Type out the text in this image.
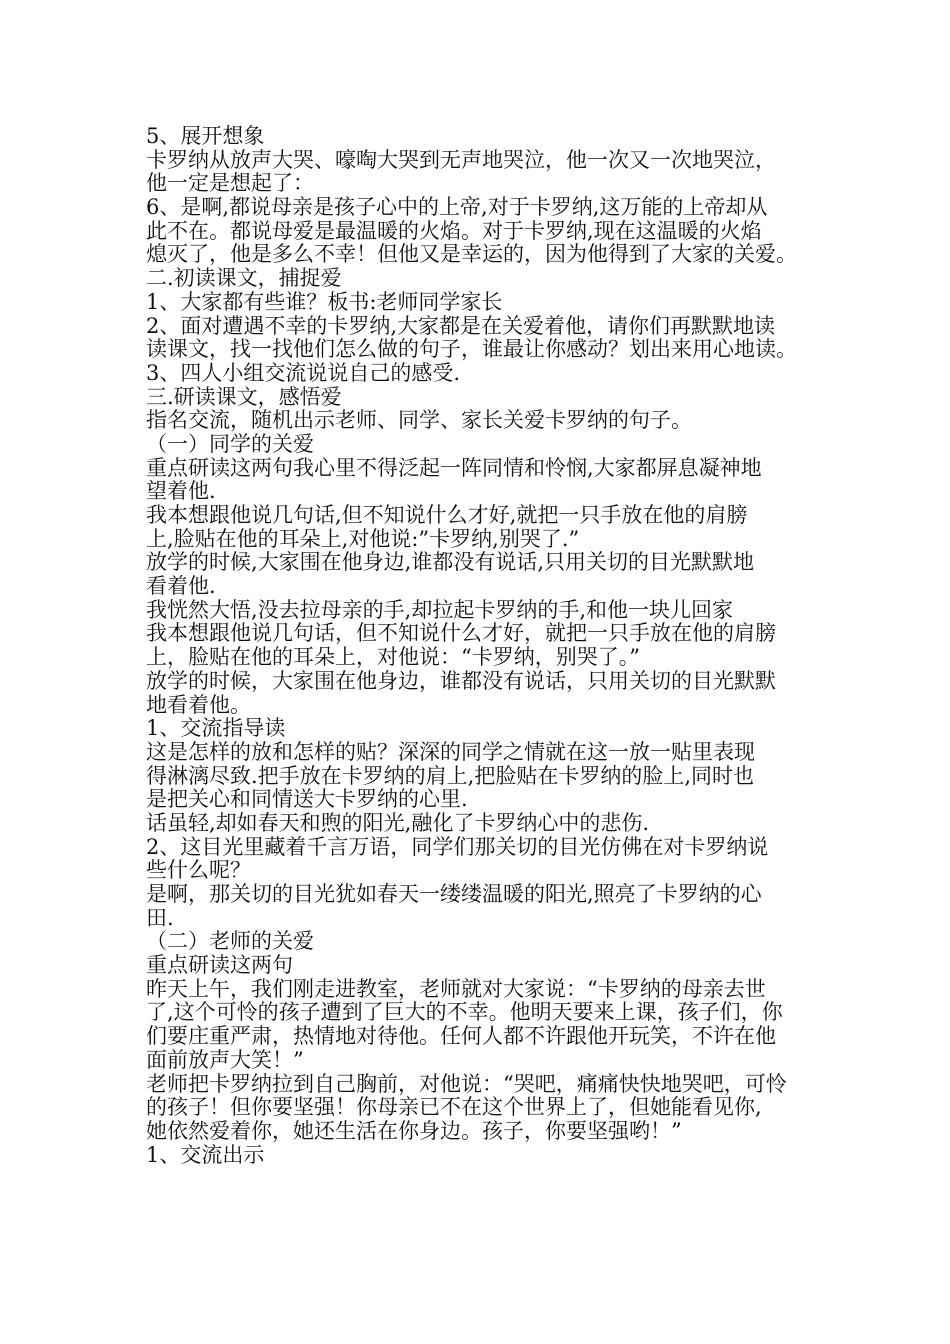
5、展开想象
卡罗纳从放声大哭、嚎啕大哭到无声地哭泣，他一次又一次地哭泣，
他一定是想起了：
6、是啊,都说母亲是孩子心中的上帝,对于卡罗纳,这万能的上帝却从
此不在。都说母爱是最温暖的火焰。对于卡罗纳,现在这温暖的火焰
熄灭了，他是多么不幸！但他又是幸运的，因为他得到了大家的关爱。
二.初读课文，捕捉爱
1、大家都有些谁？板书:老师同学家长
2、面对遭遇不幸的卡罗纳,大家都是在关爱着他，请你们再默默地读
读课文，找一找他们怎么做的句子，谁最让你感动？划出来用心地读。
3、四人小组交流说说自己的感受.
三.研读课文，感悟爱
指名交流，随机出示老师、同学、家长关爱卡罗纳的句子。
（一）同学的关爱
重点研读这两句我心里不得泛起一阵同情和怜悯,大家都屏息凝神地
望着他.
我本想跟他说几句话,但不知说什么才好,就把一只手放在他的肩膀
上,脸贴在他的耳朵上,对他说:”卡罗纳,别哭了.”
放学的时候,大家围在他身边,谁都没有说话,只用关切的目光默默地
看着他.
我恍然大悟,没去拉母亲的手,却拉起卡罗纳的手,和他一块儿回家
我本想跟他说几句话，但不知说什么才好，就把一只手放在他的肩膀
上，脸贴在他的耳朵上，对他说：“卡罗纳，别哭了。”
放学的时候，大家围在他身边，谁都没有说话，只用关切的目光默默
地看着他。
1、交流指导读
这是怎样的放和怎样的贴？深深的同学之情就在这一放一贴里表现
得淋漓尽致.把手放在卡罗纳的肩上,把脸贴在卡罗纳的脸上,同时也
是把关心和同情送大卡罗纳的心里.
话虽轻,却如春天和煦的阳光,融化了卡罗纳心中的悲伤.
2、这目光里藏着千言万语，同学们那关切的目光仿佛在对卡罗纳说
些什么呢？
是啊，那关切的目光犹如春天一缕缕温暖的阳光,照亮了卡罗纳的心
田.
（二）老师的关爱
重点研读这两句
昨天上午，我们刚走进教室，老师就对大家说：“卡罗纳的母亲去世
了,这个可怜的孩子遭到了巨大的不幸。他明天要来上课，孩子们，你
们要庄重严肃，热情地对待他。任何人都不许跟他开玩笑，不许在他
面前放声大笑！”
老师把卡罗纳拉到自己胸前，对他说：“哭吧，痛痛快快地哭吧，可怜
的孩子！但你要坚强！你母亲已不在这个世界上了，但她能看见你,
她依然爱着你，她还生活在你身边。孩子，你要坚强哟！”
1、交流出示
